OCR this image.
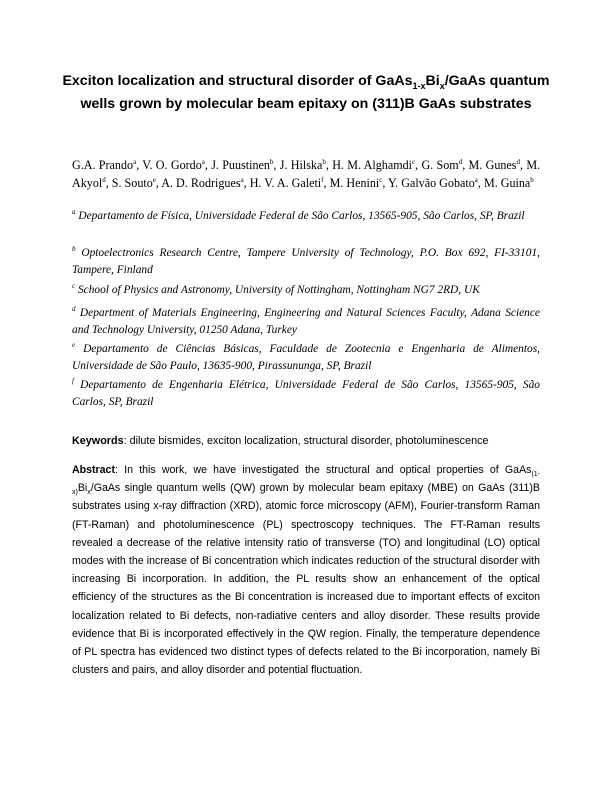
Exciton localization and structural disorder of $GaAs_{1-x}Bi_x$/GaAs quantum wells grown by molecular beam epitaxy on (311)B GaAs substrates

G.A. Prando$^a$, V. O. Gordo$^a$, J. Puustinen$^b$, J. Hilska$^b$, H. M. Alghamdi$^c$, G. Som$^d$, M. Gunes$^d$, M. Akyol$^d$, S. Souto$^e$, A. D. Rodrigues$^a$, H. V. A. Galeti$^f$, M. Henini$^c$, Y. Galvão Gobato$^a$, M. Guina$^b$

$^a$ Departamento de Física, Universidade Federal de São Carlos, 13565-905, São Carlos, SP, Brazil

$^b$ Optoelectronics Research Centre, Tampere University of Technology, P.O. Box 692, FI-33101, Tampere, Finland

$^c$ School of Physics and Astronomy, University of Nottingham, Nottingham NG7 2RD, UK

$^d$ Department of Materials Engineering, Engineering and Natural Sciences Faculty, Adana Science and Technology University, 01250 Adana, Turkey

$^e$ Departamento de Ciências Básicas, Faculdade de Zootecnia e Engenharia de Alimentos, Universidade de São Paulo, 13635-900, Pirassununga, SP, Brazil

$^f$ Departamento de Engenharia Elétrica, Universidade Federal de São Carlos, 13565-905, São Carlos, SP, Brazil

Keywords: dilute bismides, exciton localization, structural disorder, photoluminescence

Abstract: In this work, we have investigated the structural and optical properties of $GaAs_{(1-x)}Bi_x$/GaAs single quantum wells (QW) grown by molecular beam epitaxy (MBE) on GaAs (311)B substrates using x-ray diffraction (XRD), atomic force microscopy (AFM), Fourier-transform Raman (FT-Raman) and photoluminescence (PL) spectroscopy techniques. The FT-Raman results revealed a decrease of the relative intensity ratio of transverse (TO) and longitudinal (LO) optical modes with the increase of Bi concentration which indicates reduction of the structural disorder with increasing Bi incorporation. In addition, the PL results show an enhancement of the optical efficiency of the structures as the Bi concentration is increased due to important effects of exciton localization related to Bi defects, non-radiative centers and alloy disorder. These results provide evidence that Bi is incorporated effectively in the QW region. Finally, the temperature dependence of PL spectra has evidenced two distinct types of defects related to the Bi incorporation, namely Bi clusters and pairs, and alloy disorder and potential fluctuation.
